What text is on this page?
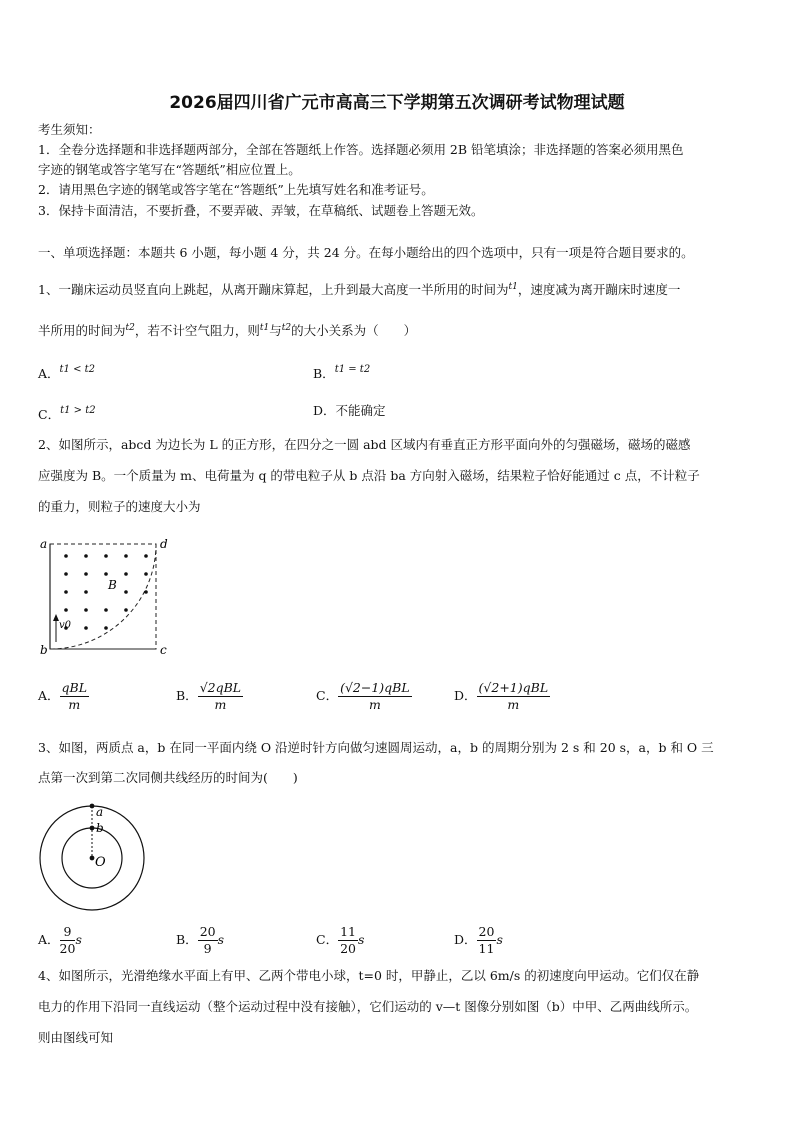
2026届四川省广元市高高三下学期第五次调研考试物理试题
考生须知：
1．全卷分选择题和非选择题两部分，全部在答题纸上作答。选择题必须用 2B 铅笔填涂；非选择题的答案必须用黑色
字迹的钢笔或答字笔写在“答题纸”相应位置上。
2．请用黑色字迹的钢笔或答字笔在“答题纸”上先填写姓名和准考证号。
3．保持卡面清洁，不要折叠，不要弄破、弄皱，在草稿纸、试题卷上答题无效。
一、单项选择题：本题共 6 小题，每小题 4 分，共 24 分。在每小题给出的四个选项中，只有一项是符合题目要求的。
1、一蹦床运动员竖直向上跳起，从离开蹦床算起，上升到最大高度一半所用的时间为$^{t1}$，速度减为离开蹦床时速度一
半所用的时间为$^{t2}$，若不计空气阻力，则$^{t1}$与$^{t2}$的大小关系为（　　）
A．$^{t1 < t2}$	B．$^{t1 = t2}$
C．$^{t1 > t2}$	D．不能确定
2、如图所示，abcd 为边长为 L 的正方形，在四分之一圆 abd 区域内有垂直正方形平面向外的匀强磁场，磁场的磁感
应强度为 B。一个质量为 m、电荷量为 q 的带电粒子从 b 点沿 ba 方向射入磁场，结果粒子恰好能通过 c 点，不计粒子
的重力，则粒子的速度大小为
a
b	c
d
B
v0
A． $\frac{\text{qBL}}{m}$	B． $\frac{\text{√2qBL}}{m}$	C． $\frac{\text{(√2−1)qBL}}{m}$	D． $\frac{\text{(√2+1)qBL}}{m}$
3、如图，两质点 a，b 在同一平面内绕 O 沿逆时针方向做匀速圆周运动，a，b 的周期分别为 2 s 和 20 s，a，b 和 O 三
点第一次到第二次同侧共线经历的时间为(　　)
a
b
O
A． $\frac{9}{20}$ s	B． $\frac{20}{9}$ s	C． $\frac{11}{20}$ s	D． $\frac{20}{11}$ s
4、如图所示，光滑绝缘水平面上有甲、乙两个带电小球，t=0 时，甲静止，乙以 6m/s 的初速度向甲运动。它们仅在静
电力的作用下沿同一直线运动（整个运动过程中没有接触），它们运动的 v—t 图像分别如图（b）中甲、乙两曲线所示。
则由图线可知
